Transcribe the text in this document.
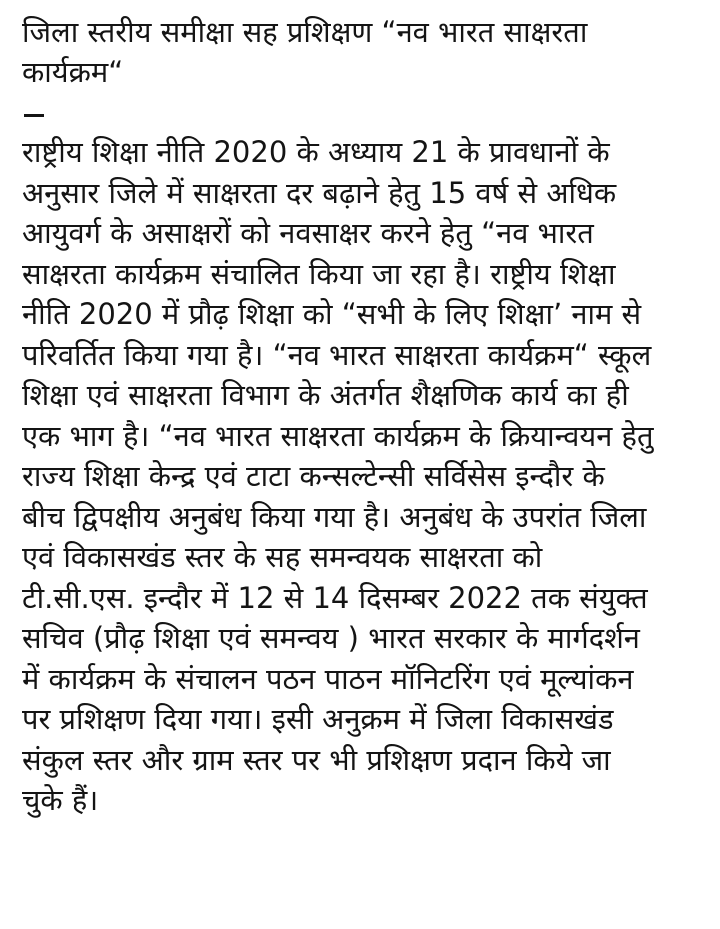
जिला स्तरीय समीक्षा सह प्रशिक्षण “नव भारत साक्षरता
कार्यक्रम“
राष्ट्रीय शिक्षा नीति 2020 के अध्याय 21 के प्रावधानों के
अनुसार जिले में साक्षरता दर बढ़ाने हेतु 15 वर्ष से अधिक
आयुवर्ग के असाक्षरों को नवसाक्षर करने हेतु “नव भारत
साक्षरता कार्यक्रम संचालित किया जा रहा है। राष्ट्रीय शिक्षा
नीति 2020 में प्रौढ़ शिक्षा को “सभी के लिए शिक्षा’ नाम से
परिवर्तित किया गया है। “नव भारत साक्षरता कार्यक्रम“ स्कूल
शिक्षा एवं साक्षरता विभाग के अंतर्गत शैक्षणिक कार्य का ही
एक भाग है। “नव भारत साक्षरता कार्यक्रम के क्रियान्वयन हेतु
राज्य शिक्षा केन्द्र एवं टाटा कन्सल्टेन्सी सर्विसेस इन्दौर के
बीच द्विपक्षीय अनुबंध किया गया है। अनुबंध के उपरांत जिला
एवं विकासखंड स्तर के सह समन्वयक साक्षरता को
टी.सी.एस. इन्दौर में 12 से 14 दिसम्बर 2022 तक संयुक्त
सचिव (प्रौढ़ शिक्षा एवं समन्वय ) भारत सरकार के मार्गदर्शन
में कार्यक्रम के संचालन पठन पाठन मॉनिटरिंग एवं मूल्यांकन
पर प्रशिक्षण दिया गया। इसी अनुक्रम में जिला विकासखंड
संकुल स्तर और ग्राम स्तर पर भी प्रशिक्षण प्रदान किये जा
चुके हैं।
